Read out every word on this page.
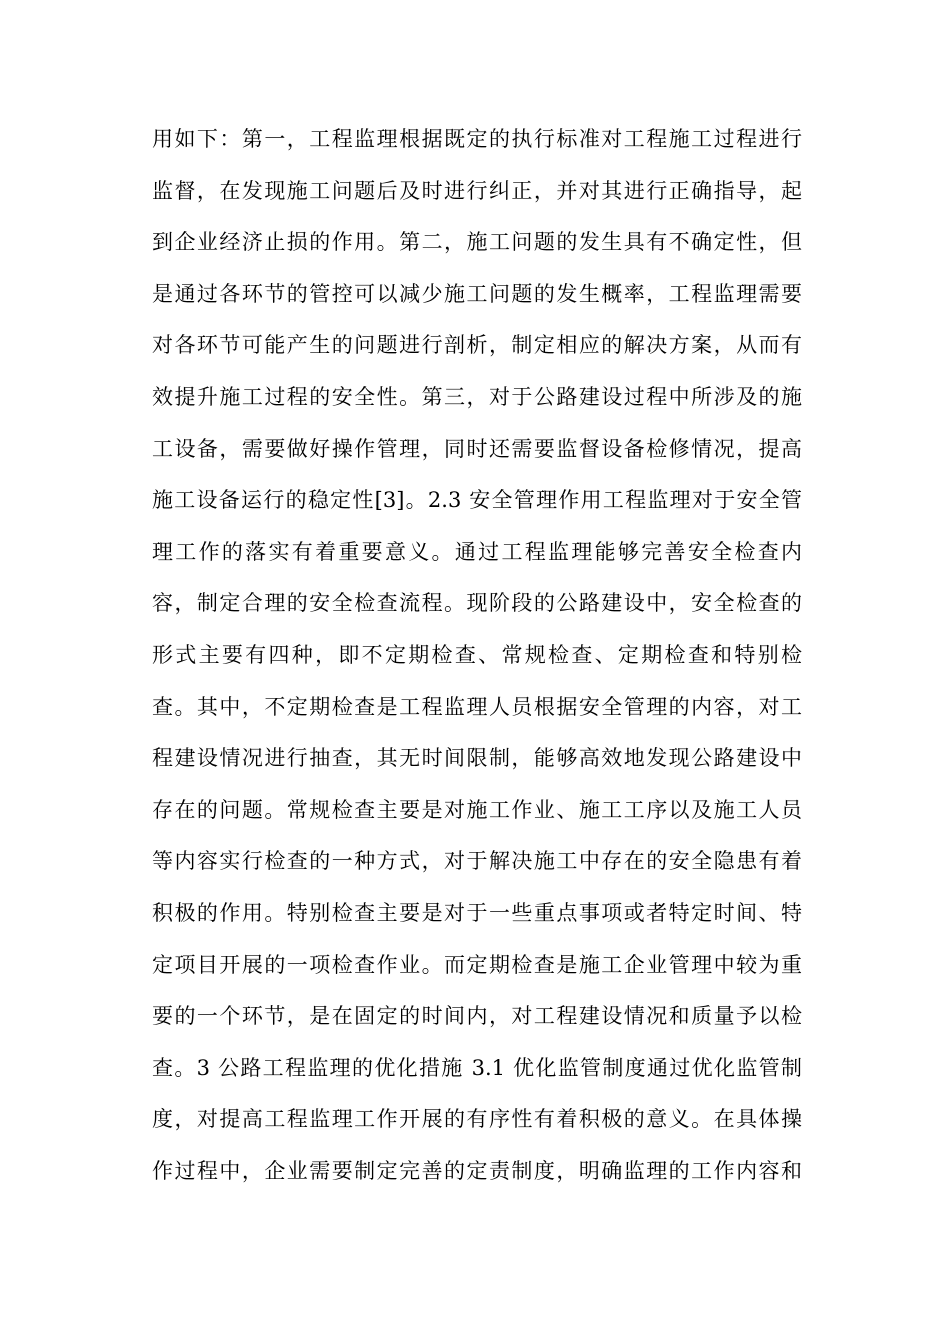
用如下：第一，工程监理根据既定的执行标准对工程施工过程进行
监督，在发现施工问题后及时进行纠正，并对其进行正确指导，起
到企业经济止损的作用。第二，施工问题的发生具有不确定性，但
是通过各环节的管控可以减少施工问题的发生概率，工程监理需要
对各环节可能产生的问题进行剖析，制定相应的解决方案，从而有
效提升施工过程的安全性。第三，对于公路建设过程中所涉及的施
工设备，需要做好操作管理，同时还需要监督设备检修情况，提高
施工设备运行的稳定性[3]。2.3 安全管理作用工程监理对于安全管
理工作的落实有着重要意义。通过工程监理能够完善安全检查内
容，制定合理的安全检查流程。现阶段的公路建设中，安全检查的
形式主要有四种，即不定期检查、常规检查、定期检查和特别检
查。其中，不定期检查是工程监理人员根据安全管理的内容，对工
程建设情况进行抽查，其无时间限制，能够高效地发现公路建设中
存在的问题。常规检查主要是对施工作业、施工工序以及施工人员
等内容实行检查的一种方式，对于解决施工中存在的安全隐患有着
积极的作用。特别检查主要是对于一些重点事项或者特定时间、特
定项目开展的一项检查作业。而定期检查是施工企业管理中较为重
要的一个环节，是在固定的时间内，对工程建设情况和质量予以检
查。3 公路工程监理的优化措施 3.1 优化监管制度通过优化监管制
度，对提高工程监理工作开展的有序性有着积极的意义。在具体操
作过程中，企业需要制定完善的定责制度，明确监理的工作内容和
